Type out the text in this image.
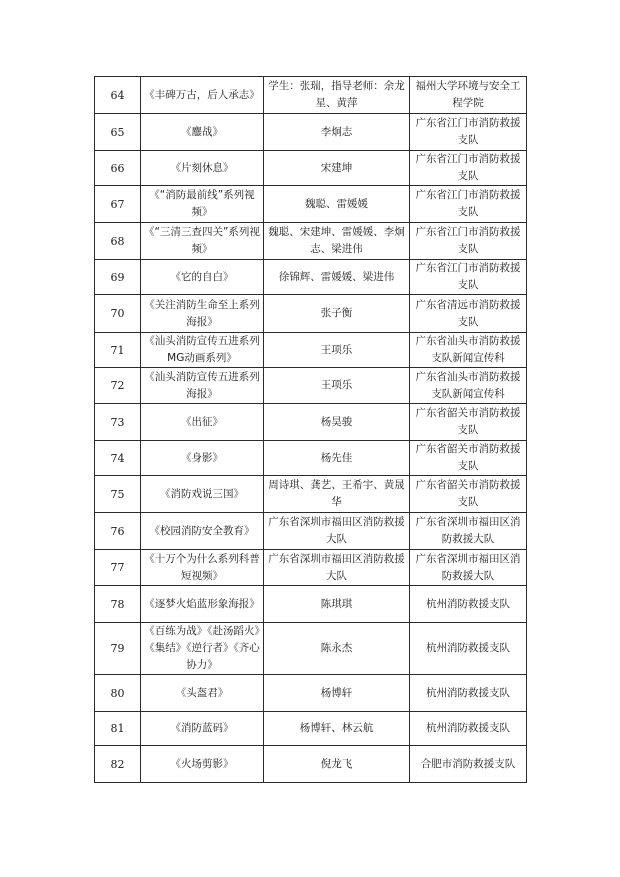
64	《丰碑万古，后人承志》	学生：张瑞，指导老师：余龙星、黄萍	福州大学环境与安全工程学院
65	《鏖战》	李炯志	广东省江门市消防救援支队
66	《片刻休息》	宋建坤	广东省江门市消防救援支队
67	《“消防最前线”系列视频》	魏聪、雷媛媛	广东省江门市消防救援支队
68	《“三清三查四关”系列视频》	魏聪、宋建坤、雷媛媛、李炯志、梁进伟	广东省江门市消防救援支队
69	《它的自白》	徐锦辉、雷媛媛、梁进伟	广东省江门市消防救援支队
70	《关注消防生命至上系列海报》	张子衡	广东省清远市消防救援支队
71	《汕头消防宣传五进系列MG动画系列》	王项乐	广东省汕头市消防救援支队新闻宣传科
72	《汕头消防宣传五进系列海报》	王项乐	广东省汕头市消防救援支队新闻宣传科
73	《出征》	杨昊骏	广东省韶关市消防救援支队
74	《身影》	杨先佳	广东省韶关市消防救援支队
75	《消防戏说三国》	周诗琪、龚艺、王希宇、黄晟华	广东省韶关市消防救援支队
76	《校园消防安全教育》	广东省深圳市福田区消防救援大队	广东省深圳市福田区消防救援大队
77	《十万个为什么系列科普短视频》	广东省深圳市福田区消防救援大队	广东省深圳市福田区消防救援大队
78	《逐梦火焰蓝形象海报》	陈琪琪	杭州消防救援支队
79	《百练为战》《赴汤蹈火》《集结》《逆行者》《齐心协力》	陈永杰	杭州消防救援支队
80	《头盔君》	杨博轩	杭州消防救援支队
81	《消防蓝码》	杨博轩、林云航	杭州消防救援支队
82	《火场剪影》	倪龙飞	合肥市消防救援支队
